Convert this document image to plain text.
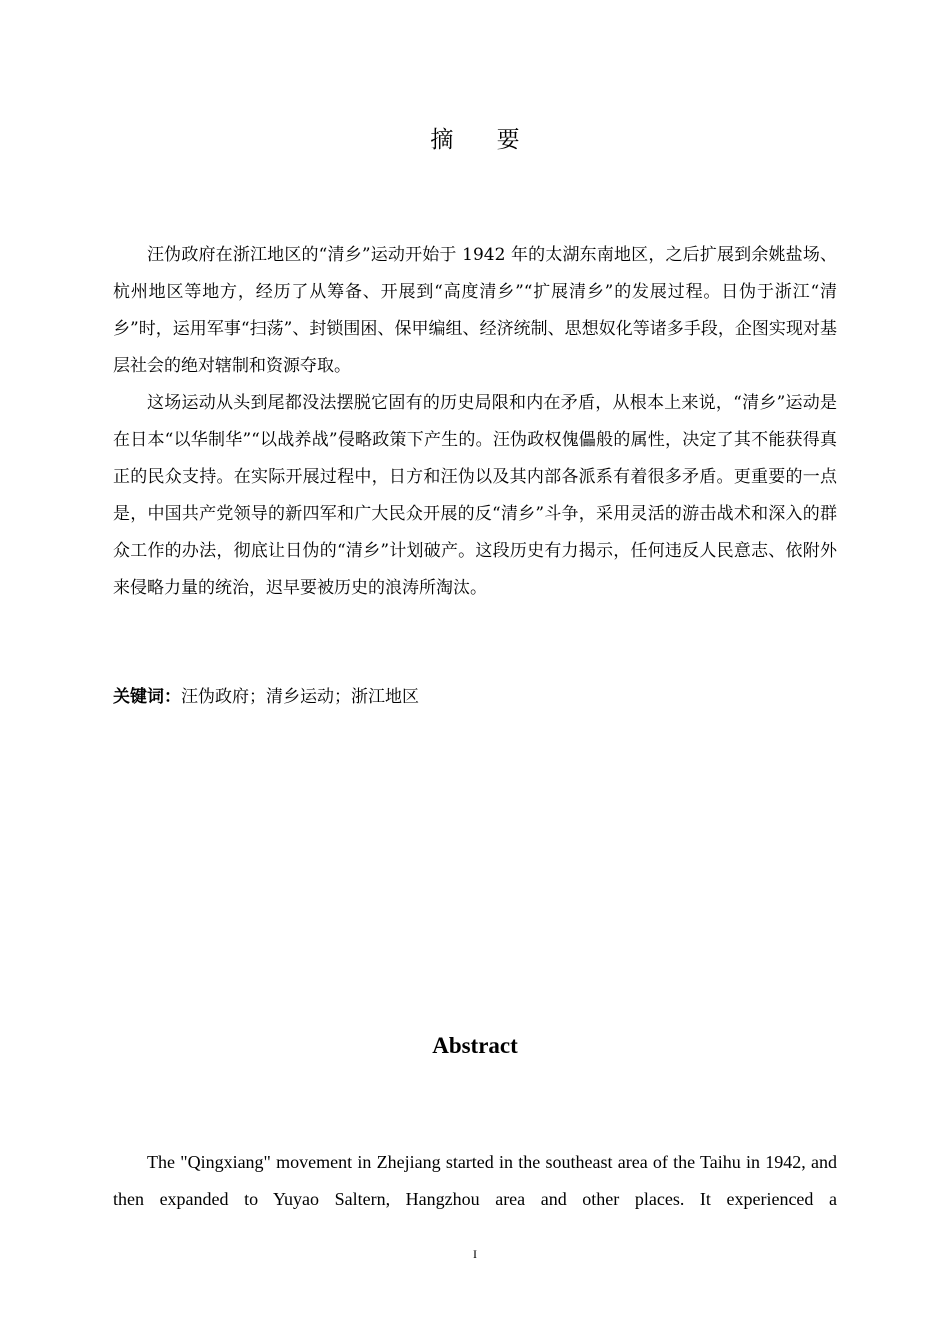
摘 要

汪伪政府在浙江地区的“清乡”运动开始于 1942 年的太湖东南地区，之后扩展到余姚盐场、杭州地区等地方，经历了从筹备、开展到“高度清乡”“扩展清乡”的发展过程。日伪于浙江“清乡”时，运用军事“扫荡”、封锁围困、保甲编组、经济统制、思想奴化等诸多手段，企图实现对基层社会的绝对辖制和资源夺取。

这场运动从头到尾都没法摆脱它固有的历史局限和内在矛盾，从根本上来说，“清乡”运动是在日本“以华制华”“以战养战”侵略政策下产生的。汪伪政权傀儡般的属性，决定了其不能获得真正的民众支持。在实际开展过程中，日方和汪伪以及其内部各派系有着很多矛盾。更重要的一点是，中国共产党领导的新四军和广大民众开展的反“清乡”斗争，采用灵活的游击战术和深入的群众工作的办法，彻底让日伪的“清乡”计划破产。这段历史有力揭示，任何违反人民意志、依附外来侵略力量的统治，迟早要被历史的浪涛所淘汰。

关键词：汪伪政府；清乡运动；浙江地区

Abstract

The "Qingxiang" movement in Zhejiang started in the southeast area of the Taihu in 1942, and then expanded to Yuyao Saltern, Hangzhou area and other places. It experienced a

I
